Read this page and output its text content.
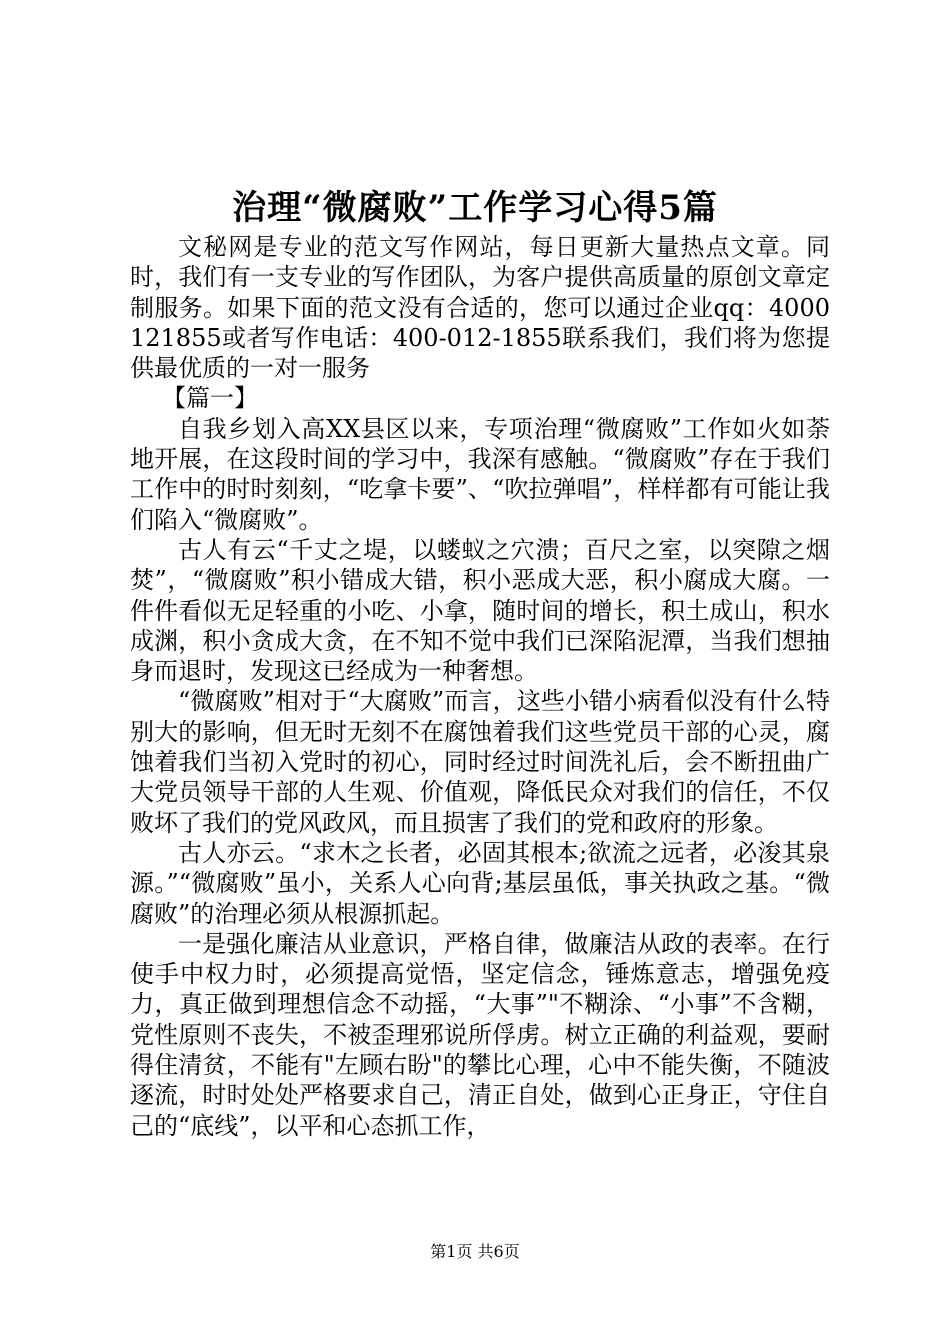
治理“微腐败”工作学习心得5篇

文秘网是专业的范文写作网站，每日更新大量热点文章。同时，我们有一支专业的写作团队，为客户提供高质量的原创文章定制服务。如果下面的范文没有合适的，您可以通过企业qq：4000121855或者写作电话：400-012-1855联系我们，我们将为您提供最优质的一对一服务

【篇一】

自我乡划入高XX县区以来，专项治理“微腐败”工作如火如荼地开展，在这段时间的学习中，我深有感触。“微腐败”存在于我们工作中的时时刻刻，“吃拿卡要”、“吹拉弹唱”，样样都有可能让我们陷入“微腐败”。

古人有云“千丈之堤，以蝼蚁之穴溃；百尺之室，以突隙之烟焚”，“微腐败”积小错成大错，积小恶成大恶，积小腐成大腐。一件件看似无足轻重的小吃、小拿，随时间的增长，积土成山，积水成渊，积小贪成大贪，在不知不觉中我们已深陷泥潭，当我们想抽身而退时，发现这已经成为一种奢想。

“微腐败”相对于“大腐败”而言，这些小错小病看似没有什么特别大的影响，但无时无刻不在腐蚀着我们这些党员干部的心灵，腐蚀着我们当初入党时的初心，同时经过时间洗礼后，会不断扭曲广大党员领导干部的人生观、价值观，降低民众对我们的信任，不仅败坏了我们的党风政风，而且损害了我们的党和政府的形象。

古人亦云。“求木之长者，必固其根本;欲流之远者，必浚其泉源。”“微腐败”虽小，关系人心向背;基层虽低，事关执政之基。“微腐败”的治理必须从根源抓起。

一是强化廉洁从业意识，严格自律，做廉洁从政的表率。在行使手中权力时，必须提高觉悟，坚定信念，锤炼意志，增强免疫力，真正做到理想信念不动摇，“大事”"不糊涂、“小事”不含糊，党性原则不丧失，不被歪理邪说所俘虏。树立正确的利益观，要耐得住清贫，不能有"左顾右盼"的攀比心理，心中不能失衡，不随波逐流，时时处处严格要求自己，清正自处，做到心正身正，守住自己的“底线”，以平和心态抓工作，

第1页 共6页
